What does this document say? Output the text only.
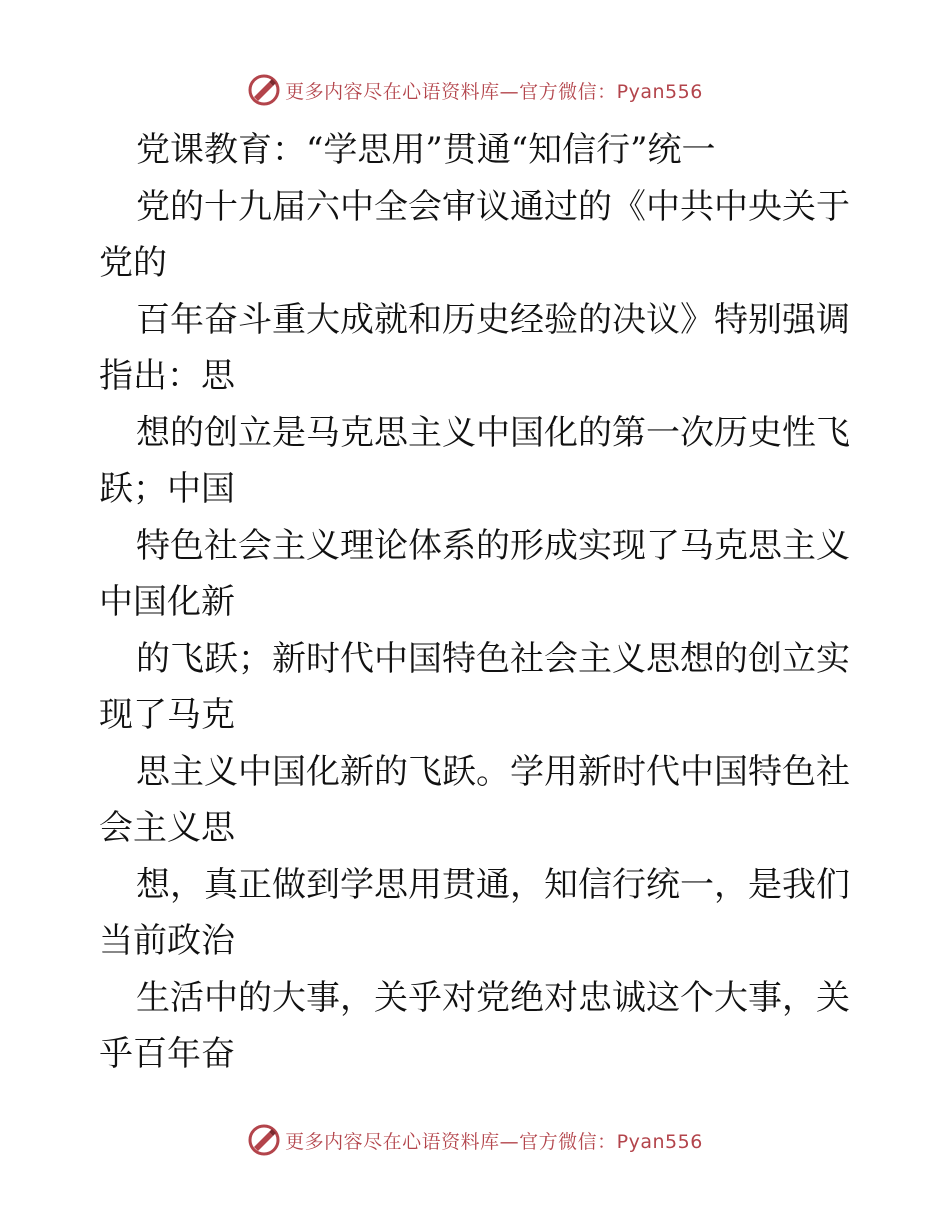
更多内容尽在心语资料库—官方微信：Pyan556

党课教育：“学思用”贯通“知信行”统一

党的十九届六中全会审议通过的《中共中央关于
党的

百年奋斗重大成就和历史经验的决议》特别强调
指出：思

想的创立是马克思主义中国化的第一次历史性飞
跃；中国

特色社会主义理论体系的形成实现了马克思主义
中国化新

的飞跃；新时代中国特色社会主义思想的创立实
现了马克

思主义中国化新的飞跃。学用新时代中国特色社
会主义思

想，真正做到学思用贯通，知信行统一，是我们
当前政治

生活中的大事，关乎对党绝对忠诚这个大事，关
乎百年奋

更多内容尽在心语资料库—官方微信：Pyan556
